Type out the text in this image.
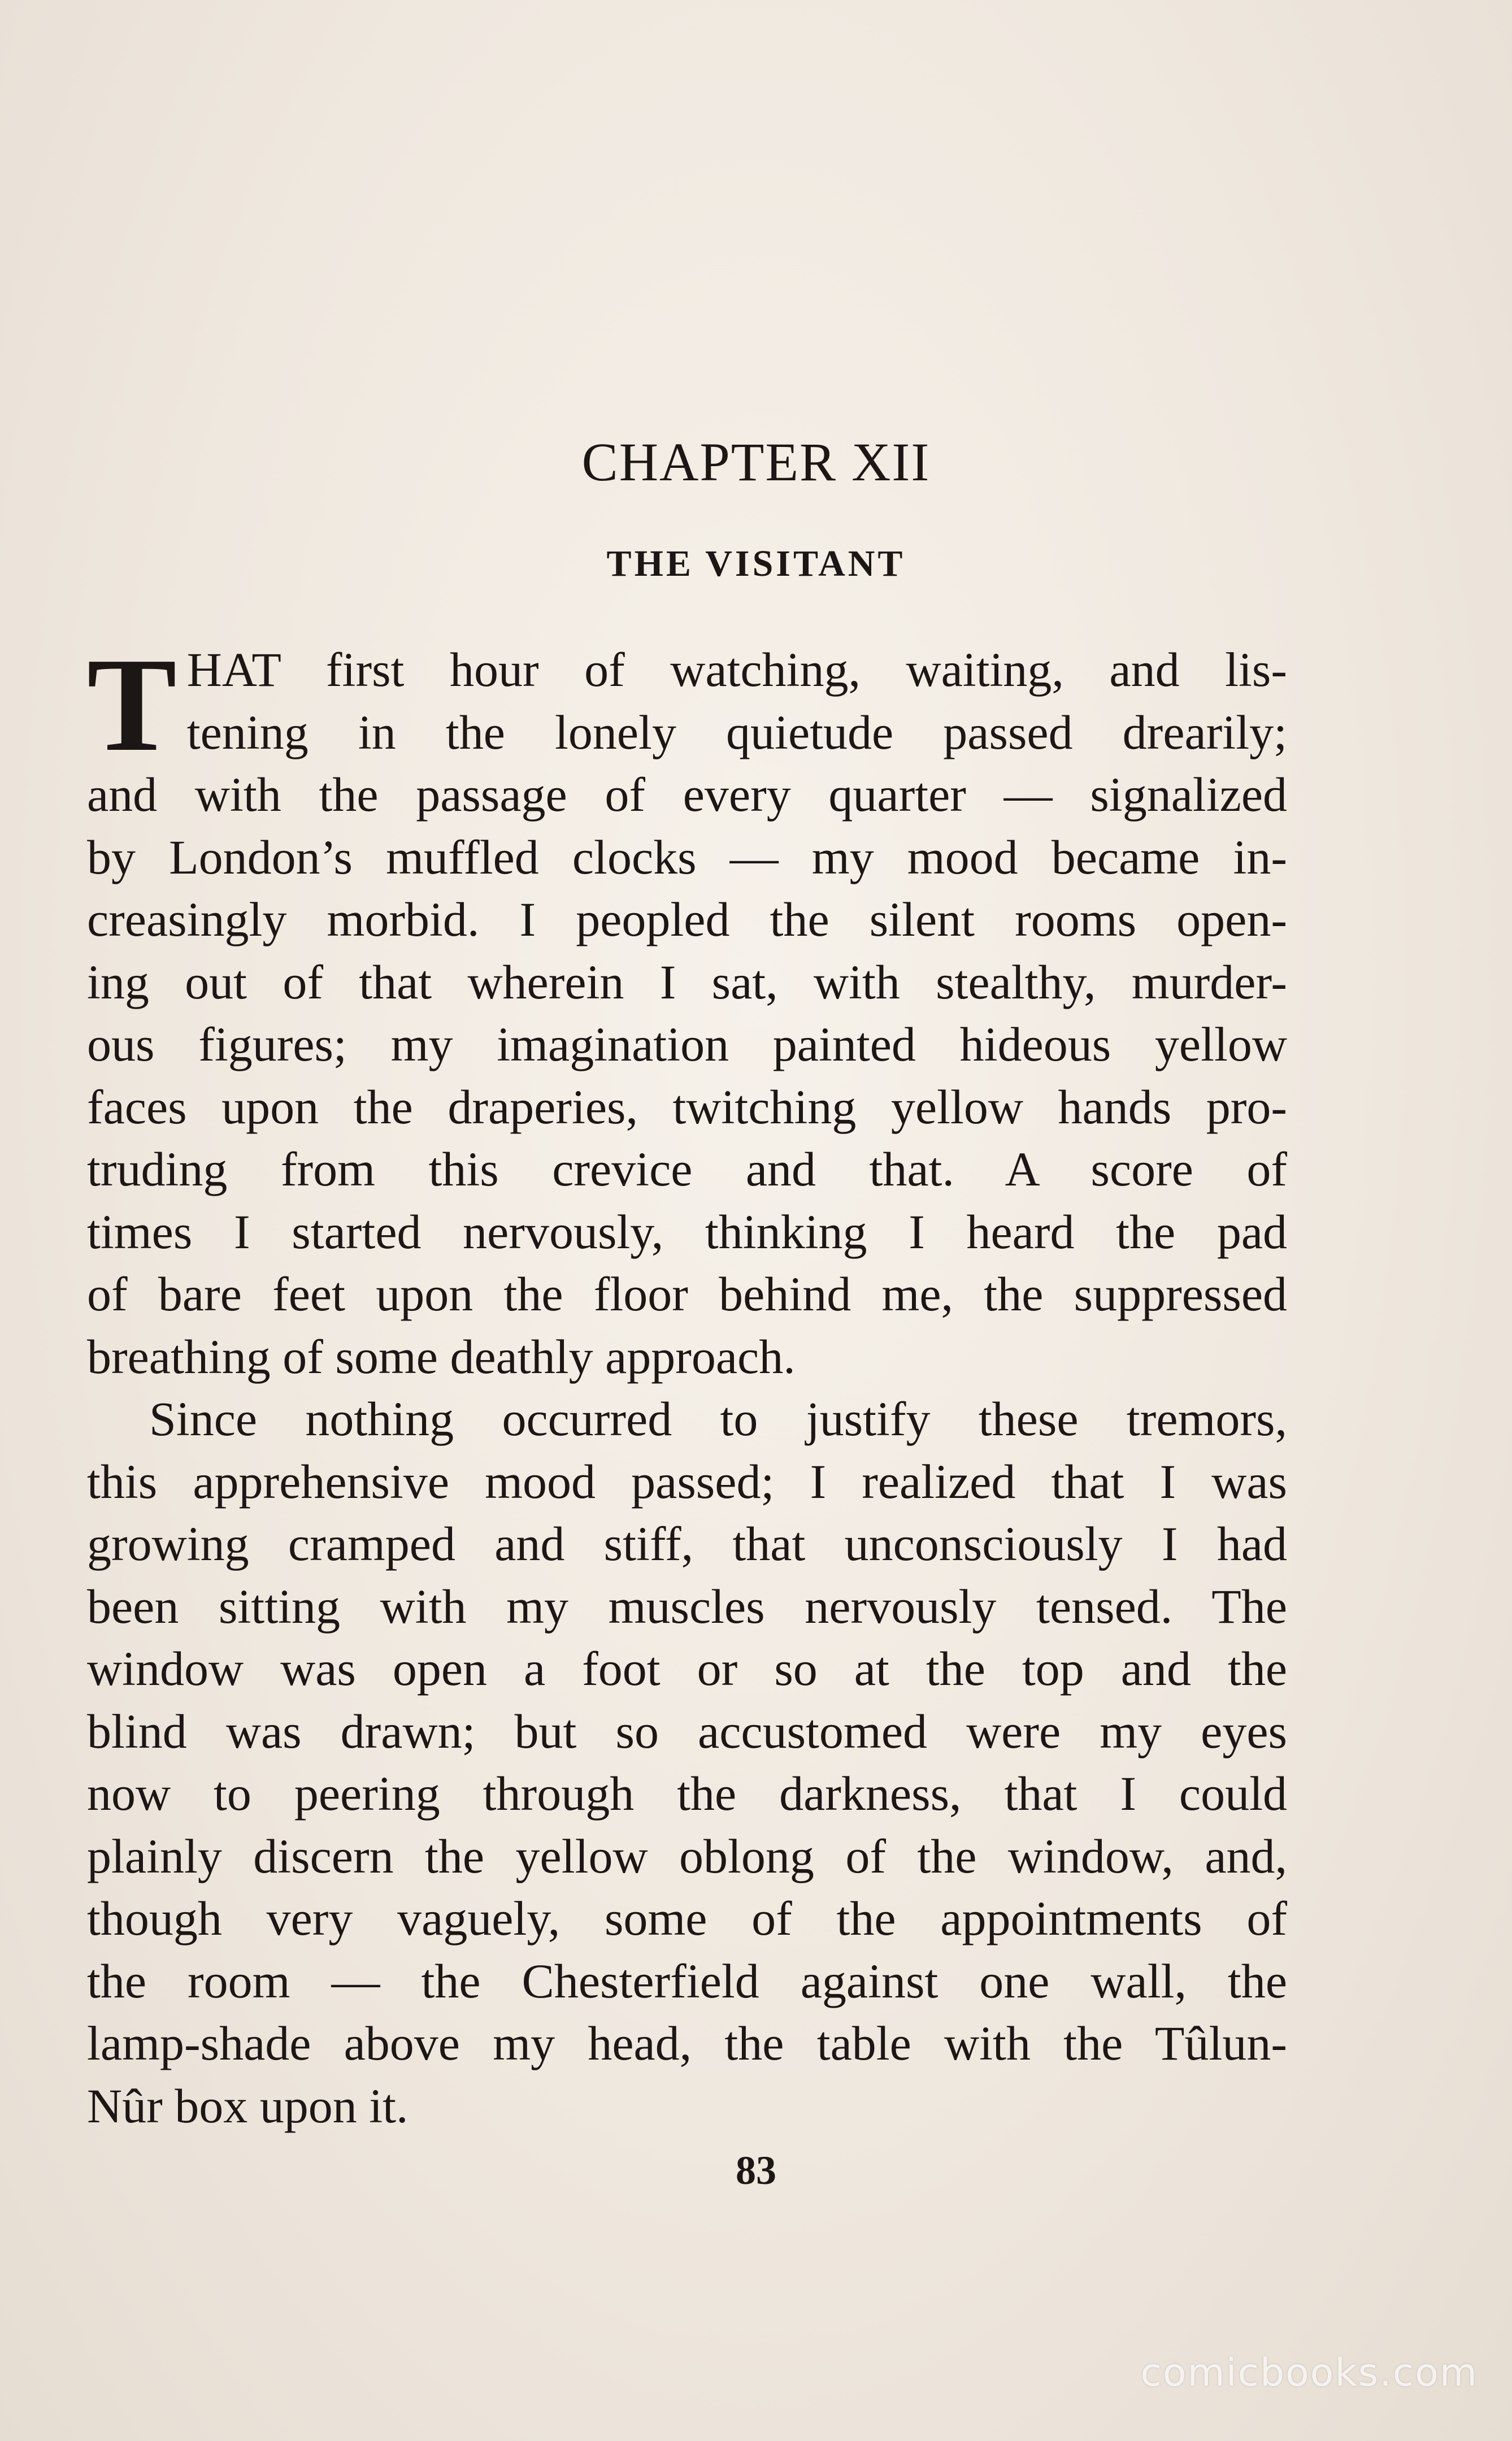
CHAPTER XII
THE VISITANT
T HAT first hour of watching, waiting, and lis-
tening in the lonely quietude passed drearily;
and with the passage of every quarter — signalized
by London’s muffled clocks — my mood became in-
creasingly morbid. I peopled the silent rooms open-
ing out of that wherein I sat, with stealthy, murder-
ous figures; my imagination painted hideous yellow
faces upon the draperies, twitching yellow hands pro-
truding from this crevice and that. A score of
times I started nervously, thinking I heard the pad
of bare feet upon the floor behind me, the suppressed
breathing of some deathly approach.
Since nothing occurred to justify these tremors,
this apprehensive mood passed; I realized that I was
growing cramped and stiff, that unconsciously I had
been sitting with my muscles nervously tensed. The
window was open a foot or so at the top and the
blind was drawn; but so accustomed were my eyes
now to peering through the darkness, that I could
plainly discern the yellow oblong of the window, and,
though very vaguely, some of the appointments of
the room — the Chesterfield against one wall, the
lamp-shade above my head, the table with the Tûlun-
Nûr box upon it.
83
comicbooks.com
